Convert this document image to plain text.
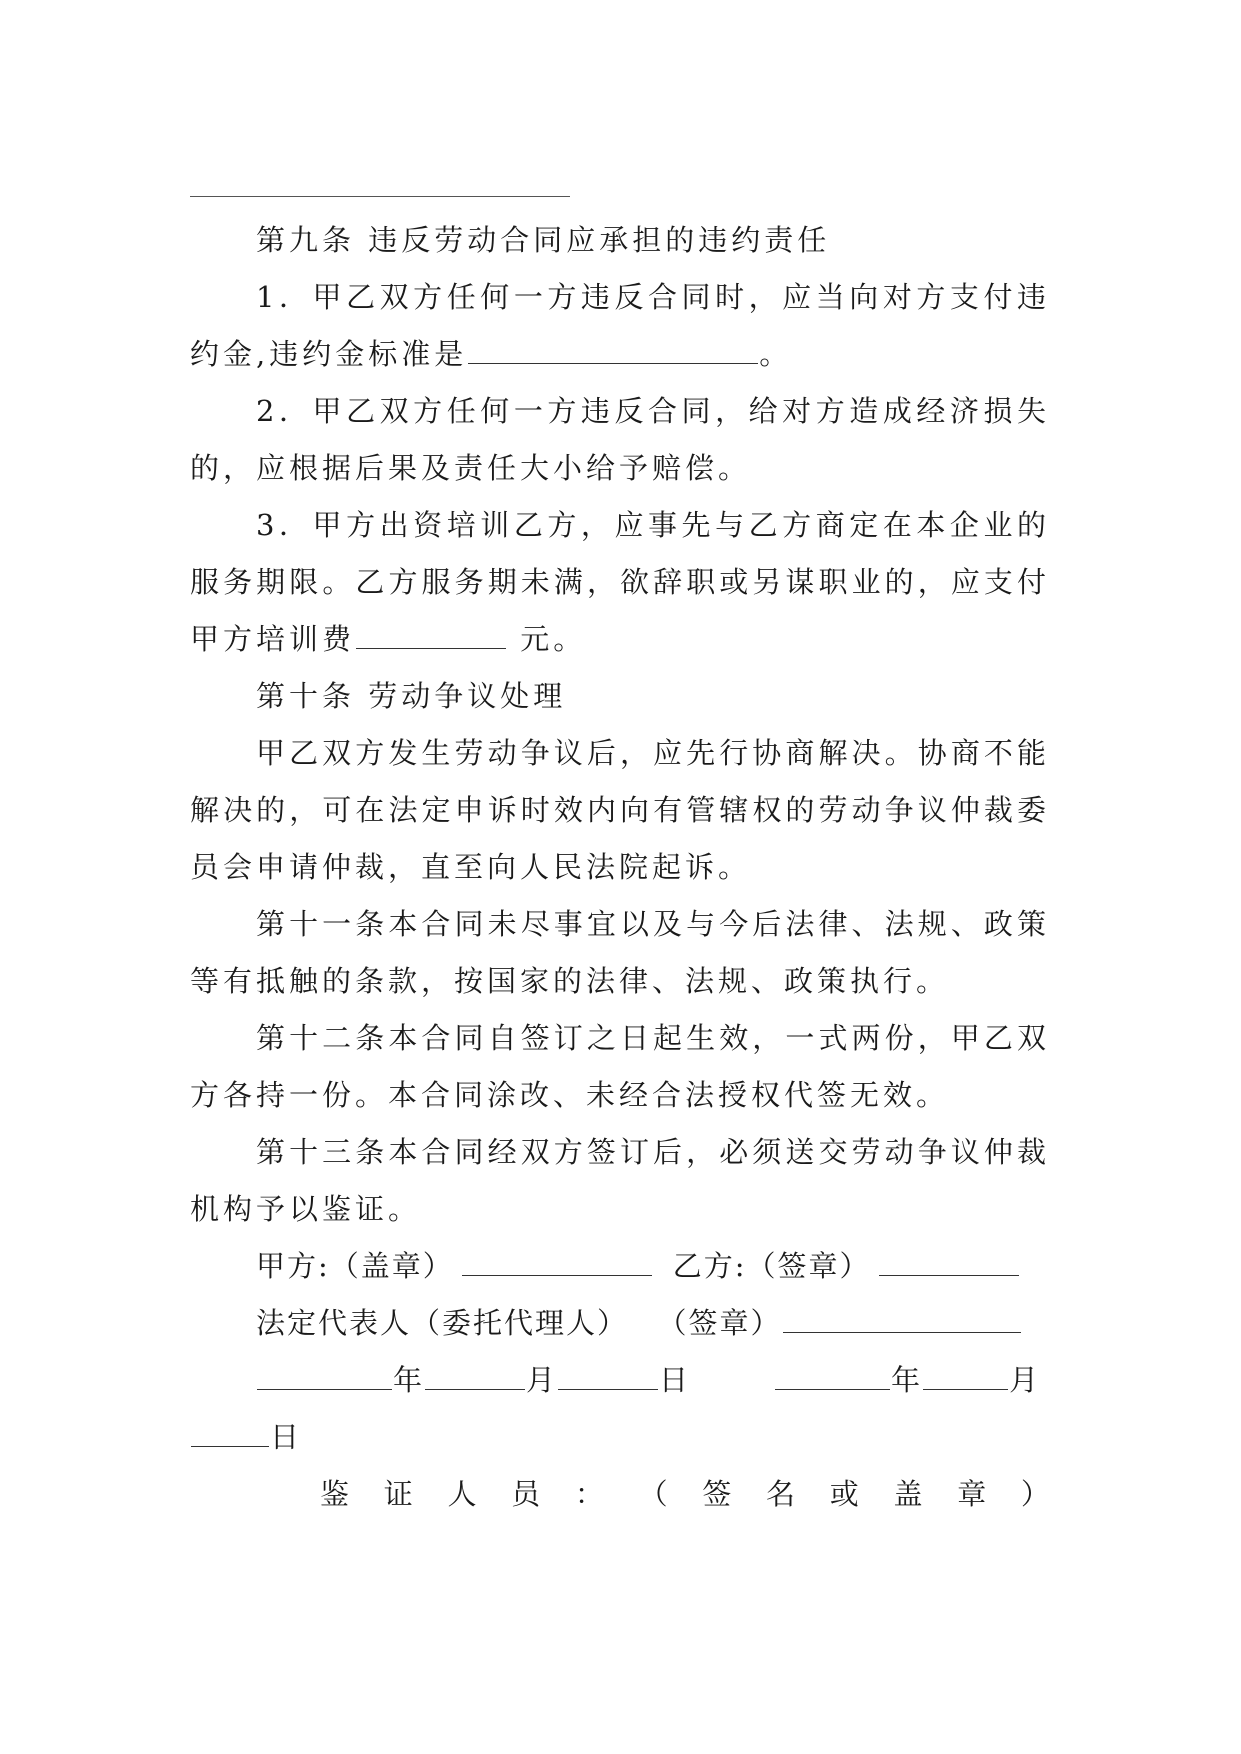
第九条 违反劳动合同应承担的违约责任
1．甲乙双方任何一方违反合同时，应当向对方支付违
约金,违约金标准是	。
2．甲乙双方任何一方违反合同，给对方造成经济损失
的，应根据后果及责任大小给予赔偿。
3．甲方出资培训乙方，应事先与乙方商定在本企业的
服务期限。乙方服务期未满，欲辞职或另谋职业的，应支付
甲方培训费	元。
第十条 劳动争议处理
甲乙双方发生劳动争议后，应先行协商解决。协商不能
解决的，可在法定申诉时效内向有管辖权的劳动争议仲裁委
员会申请仲裁，直至向人民法院起诉。
第十一条本合同未尽事宜以及与今后法律、法规、政策
等有抵触的条款，按国家的法律、法规、政策执行。
第十二条本合同自签订之日起生效，一式两份，甲乙双
方各持一份。本合同涂改、未经合法授权代签无效。
第十三条本合同经双方签订后，必须送交劳动争议仲裁
机构予以鉴证。
甲方:（盖章）	乙方:（签章）
法定代表人（委托代理人） （签章）
年	月	日	年	月
日
鉴 证 人 员 ： （ 签 名 或 盖 章 ）
